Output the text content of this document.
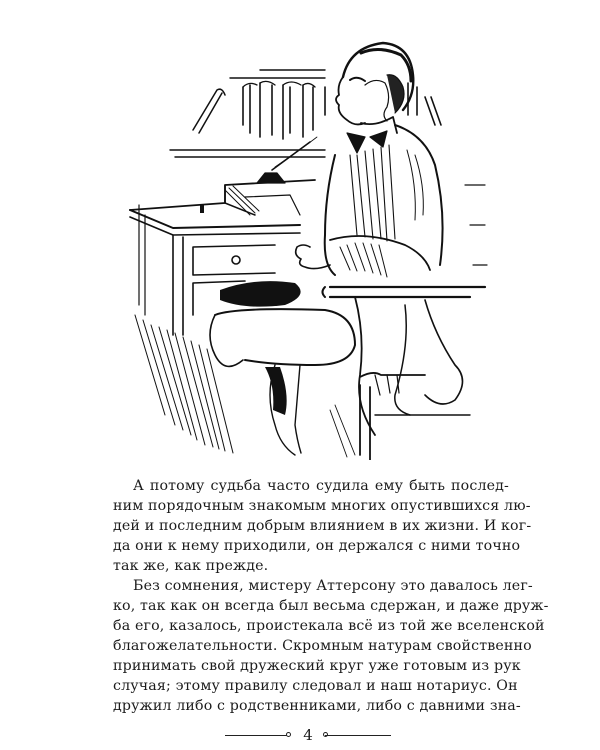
А потому судьба часто судила ему быть послед-
ним порядочным знакомым многих опустившихся лю-
дей и последним добрым влиянием в их жизни. И ког-
да они к нему приходили, он держался с ними точно
так же, как прежде.

Без сомнения, мистеру Аттерсону это давалось лег-
ко, так как он всегда был весьма сдержан, и даже друж-
ба его, казалось, проистекала всё из той же вселенской
благожелательности. Скромным натурам свойственно
принимать свой дружеский круг уже готовым из рук
случая; этому правилу следовал и наш нотариус. Он
дружил либо с родственниками, либо с давними зна-

4
